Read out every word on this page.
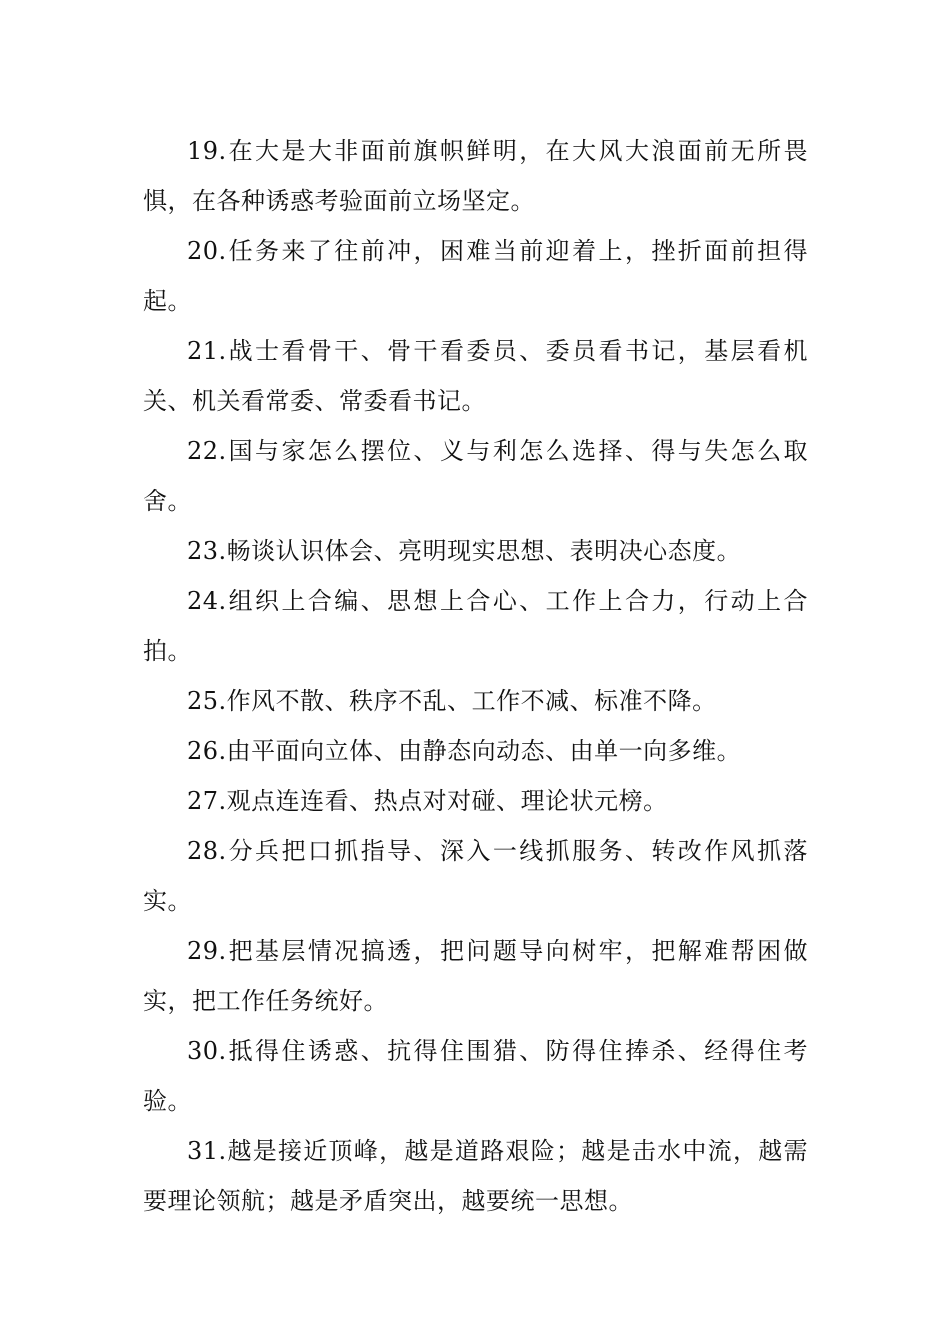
19.在大是大非面前旗帜鲜明，在大风大浪面前无所畏惧，在各种诱惑考验面前立场坚定。

20.任务来了往前冲，困难当前迎着上，挫折面前担得起。

21.战士看骨干、骨干看委员、委员看书记，基层看机关、机关看常委、常委看书记。

22.国与家怎么摆位、义与利怎么选择、得与失怎么取舍。

23.畅谈认识体会、亮明现实思想、表明决心态度。

24.组织上合编、思想上合心、工作上合力，行动上合拍。

25.作风不散、秩序不乱、工作不减、标准不降。

26.由平面向立体、由静态向动态、由单一向多维。

27.观点连连看、热点对对碰、理论状元榜。

28.分兵把口抓指导、深入一线抓服务、转改作风抓落实。

29.把基层情况搞透，把问题导向树牢，把解难帮困做实，把工作任务统好。

30.抵得住诱惑、抗得住围猎、防得住捧杀、经得住考验。

31.越是接近顶峰，越是道路艰险；越是击水中流，越需要理论领航；越是矛盾突出，越要统一思想。
